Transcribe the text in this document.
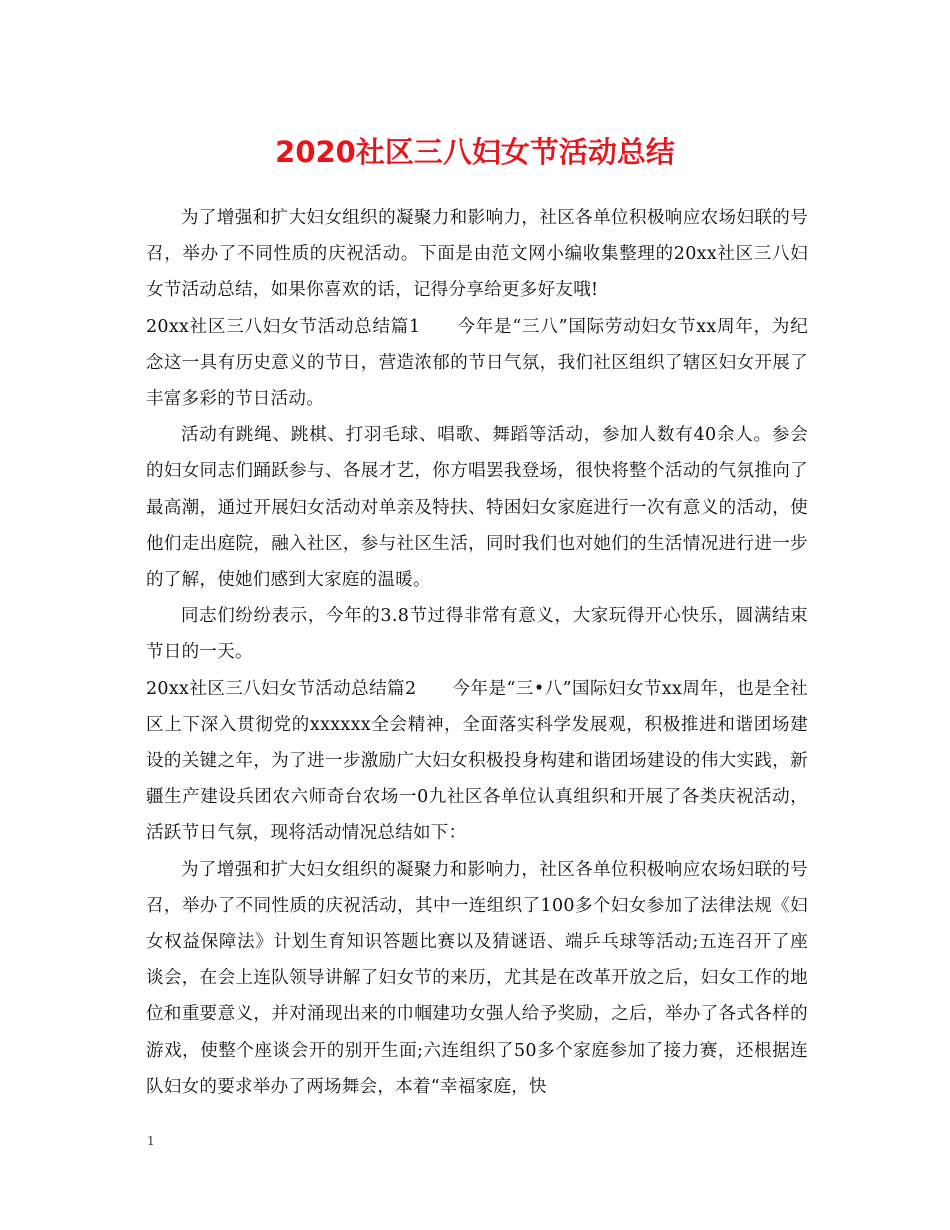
2020社区三八妇女节活动总结

为了增强和扩大妇女组织的凝聚力和影响力，社区各单位积极响应农场妇联的号召，举办了不同性质的庆祝活动。下面是由范文网小编收集整理的20xx社区三八妇女节活动总结，如果你喜欢的话，记得分享给更多好友哦!

20xx社区三八妇女节活动总结篇1　　今年是“三八”国际劳动妇女节xx周年，为纪念这一具有历史意义的节日，营造浓郁的节日气氛，我们社区组织了辖区妇女开展了丰富多彩的节日活动。

活动有跳绳、跳棋、打羽毛球、唱歌、舞蹈等活动，参加人数有40余人。参会的妇女同志们踊跃参与、各展才艺，你方唱罢我登场，很快将整个活动的气氛推向了最高潮，通过开展妇女活动对单亲及特扶、特困妇女家庭进行一次有意义的活动，使他们走出庭院，融入社区，参与社区生活，同时我们也对她们的生活情况进行进一步的了解，使她们感到大家庭的温暖。

同志们纷纷表示，今年的3.8节过得非常有意义，大家玩得开心快乐，圆满结束节日的一天。

20xx社区三八妇女节活动总结篇2　　今年是“三•八”国际妇女节xx周年，也是全社区上下深入贯彻党的xxxxxx全会精神，全面落实科学发展观，积极推进和谐团场建设的关键之年，为了进一步激励广大妇女积极投身构建和谐团场建设的伟大实践，新疆生产建设兵团农六师奇台农场一0九社区各单位认真组织和开展了各类庆祝活动，活跃节日气氛，现将活动情况总结如下：

为了增强和扩大妇女组织的凝聚力和影响力，社区各单位积极响应农场妇联的号召，举办了不同性质的庆祝活动，其中一连组织了100多个妇女参加了法律法规《妇女权益保障法》计划生育知识答题比赛以及猜谜语、端乒乓球等活动;五连召开了座谈会，在会上连队领导讲解了妇女节的来历，尤其是在改革开放之后，妇女工作的地位和重要意义，并对涌现出来的巾帼建功女强人给予奖励，之后，举办了各式各样的游戏，使整个座谈会开的别开生面;六连组织了50多个家庭参加了接力赛，还根据连队妇女的要求举办了两场舞会，本着“幸福家庭，快

1
